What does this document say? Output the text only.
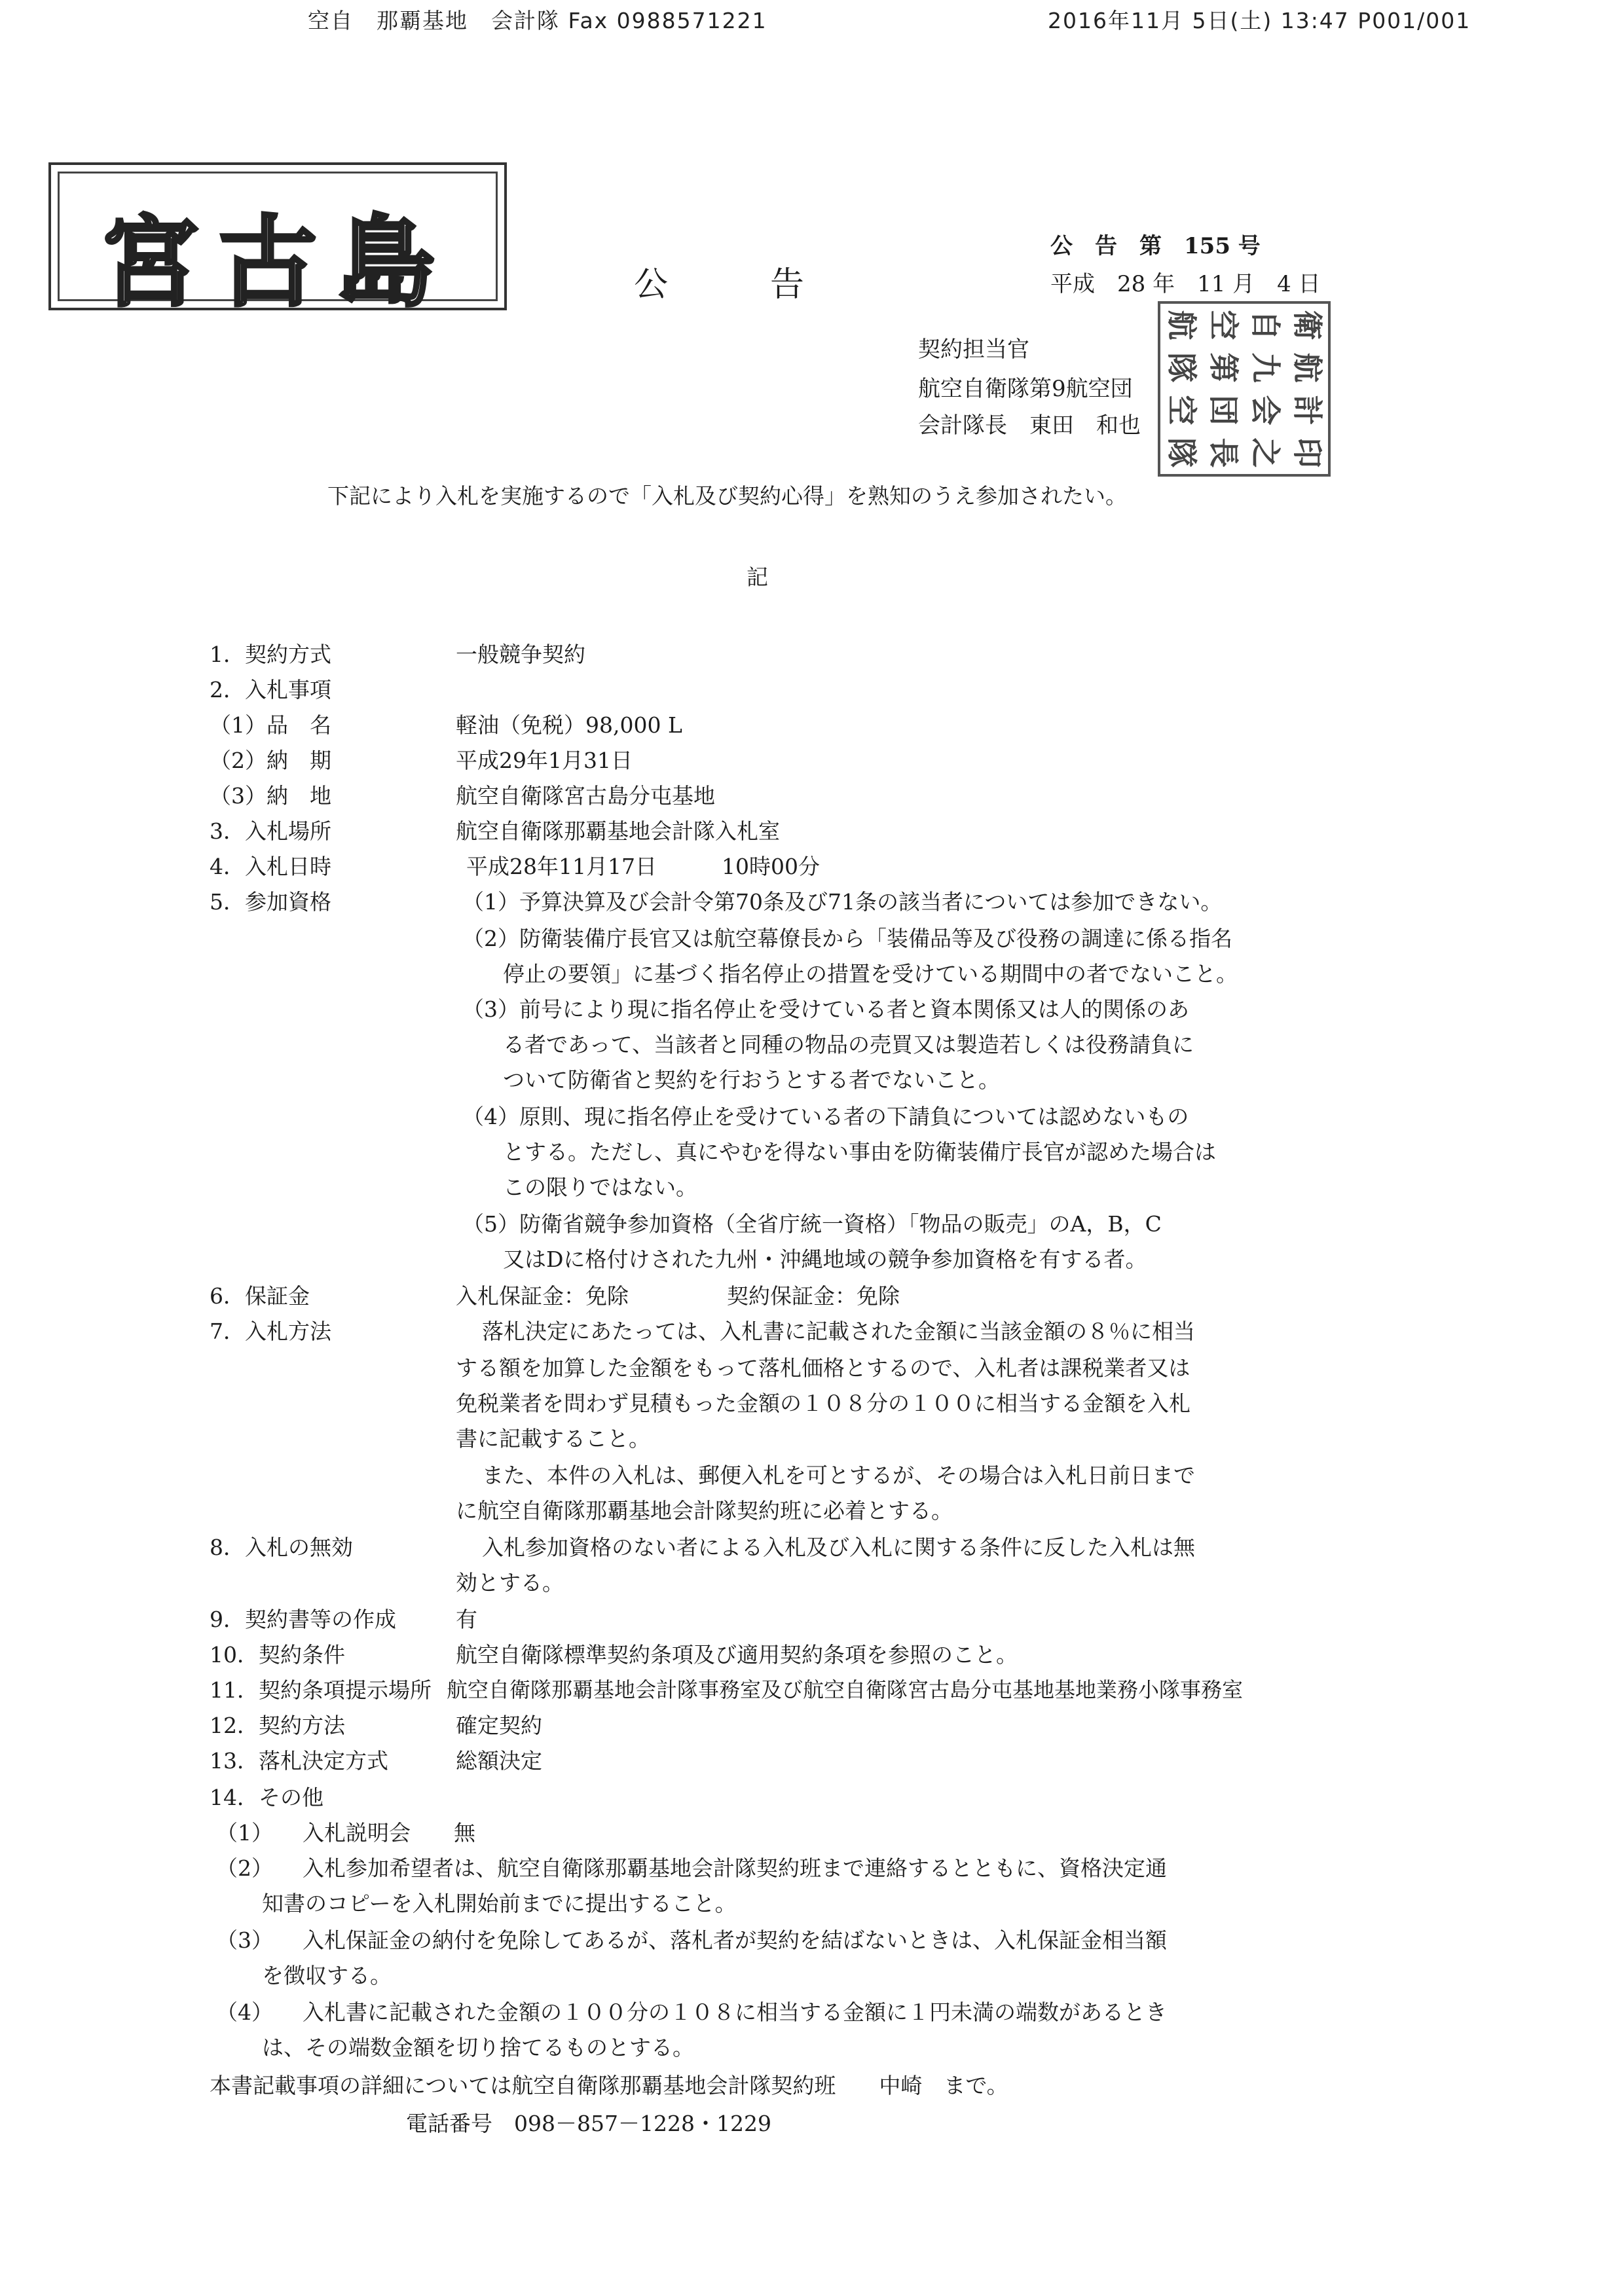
空自　那覇基地　会計隊 Fax 0988571221	2016年11月 5日(土) 13:47 P001/001
宮古島	公　　　告
公　告　第　155 号
平成　28 年　11 月　4 日
契約担当官
航空自衛隊第9航空団
会計隊長　東田　和也
航 空 自 衛
隊 第 九 航
空 団 会 計
隊 長 之 印
下記により入札を実施するので「入札及び契約心得」を熟知のうえ参加されたい。
記
1．契約方式	一般競争契約
2．入札事項
（1）品　名	軽油（免税）98,000 L
（2）納　期	平成29年1月31日
（3）納　地	航空自衛隊宮古島分屯基地
3．入札場所	航空自衛隊那覇基地会計隊入札室
4．入札日時	平成28年11月17日　　　10時00分
5．参加資格	（1）予算決算及び会計令第70条及び71条の該当者については参加できない。
（2）防衛装備庁長官又は航空幕僚長から「装備品等及び役務の調達に係る指名
停止の要領」に基づく指名停止の措置を受けている期間中の者でないこと。
（3）前号により現に指名停止を受けている者と資本関係又は人的関係のあ
る者であって、当該者と同種の物品の売買又は製造若しくは役務請負に
ついて防衛省と契約を行おうとする者でないこと。
（4）原則、現に指名停止を受けている者の下請負については認めないもの
とする。ただし、真にやむを得ない事由を防衛装備庁長官が認めた場合は
この限りではない。
（5）防衛省競争参加資格（全省庁統一資格）「物品の販売」のA，B，C
又はDに格付けされた九州・沖縄地域の競争参加資格を有する者。
6．保証金	入札保証金：免除	契約保証金：免除
7．入札方法	落札決定にあたっては、入札書に記載された金額に当該金額の８％に相当
する額を加算した金額をもって落札価格とするので、入札者は課税業者又は
免税業者を問わず見積もった金額の１０８分の１００に相当する金額を入札
書に記載すること。
また、本件の入札は、郵便入札を可とするが、その場合は入札日前日まで
に航空自衛隊那覇基地会計隊契約班に必着とする。
8．入札の無効	入札参加資格のない者による入札及び入札に関する条件に反した入札は無
効とする。
9．契約書等の作成	有
10．契約条件	航空自衛隊標準契約条項及び適用契約条項を参照のこと。
11．契約条項提示場所 航空自衛隊那覇基地会計隊事務室及び航空自衛隊宮古島分屯基地基地業務小隊事務室
12．契約方法	確定契約
13．落札決定方式	総額決定
14．その他
（1） 入札説明会　　無
（2） 入札参加希望者は、航空自衛隊那覇基地会計隊契約班まで連絡するとともに、資格決定通
知書のコピーを入札開始前までに提出すること。
（3） 入札保証金の納付を免除してあるが、落札者が契約を結ばないときは、入札保証金相当額
を徴収する。
（4） 入札書に記載された金額の１００分の１０８に相当する金額に１円未満の端数があるとき
は、その端数金額を切り捨てるものとする。
本書記載事項の詳細については航空自衛隊那覇基地会計隊契約班　　中崎　まで。
電話番号　098－857－1228・1229
